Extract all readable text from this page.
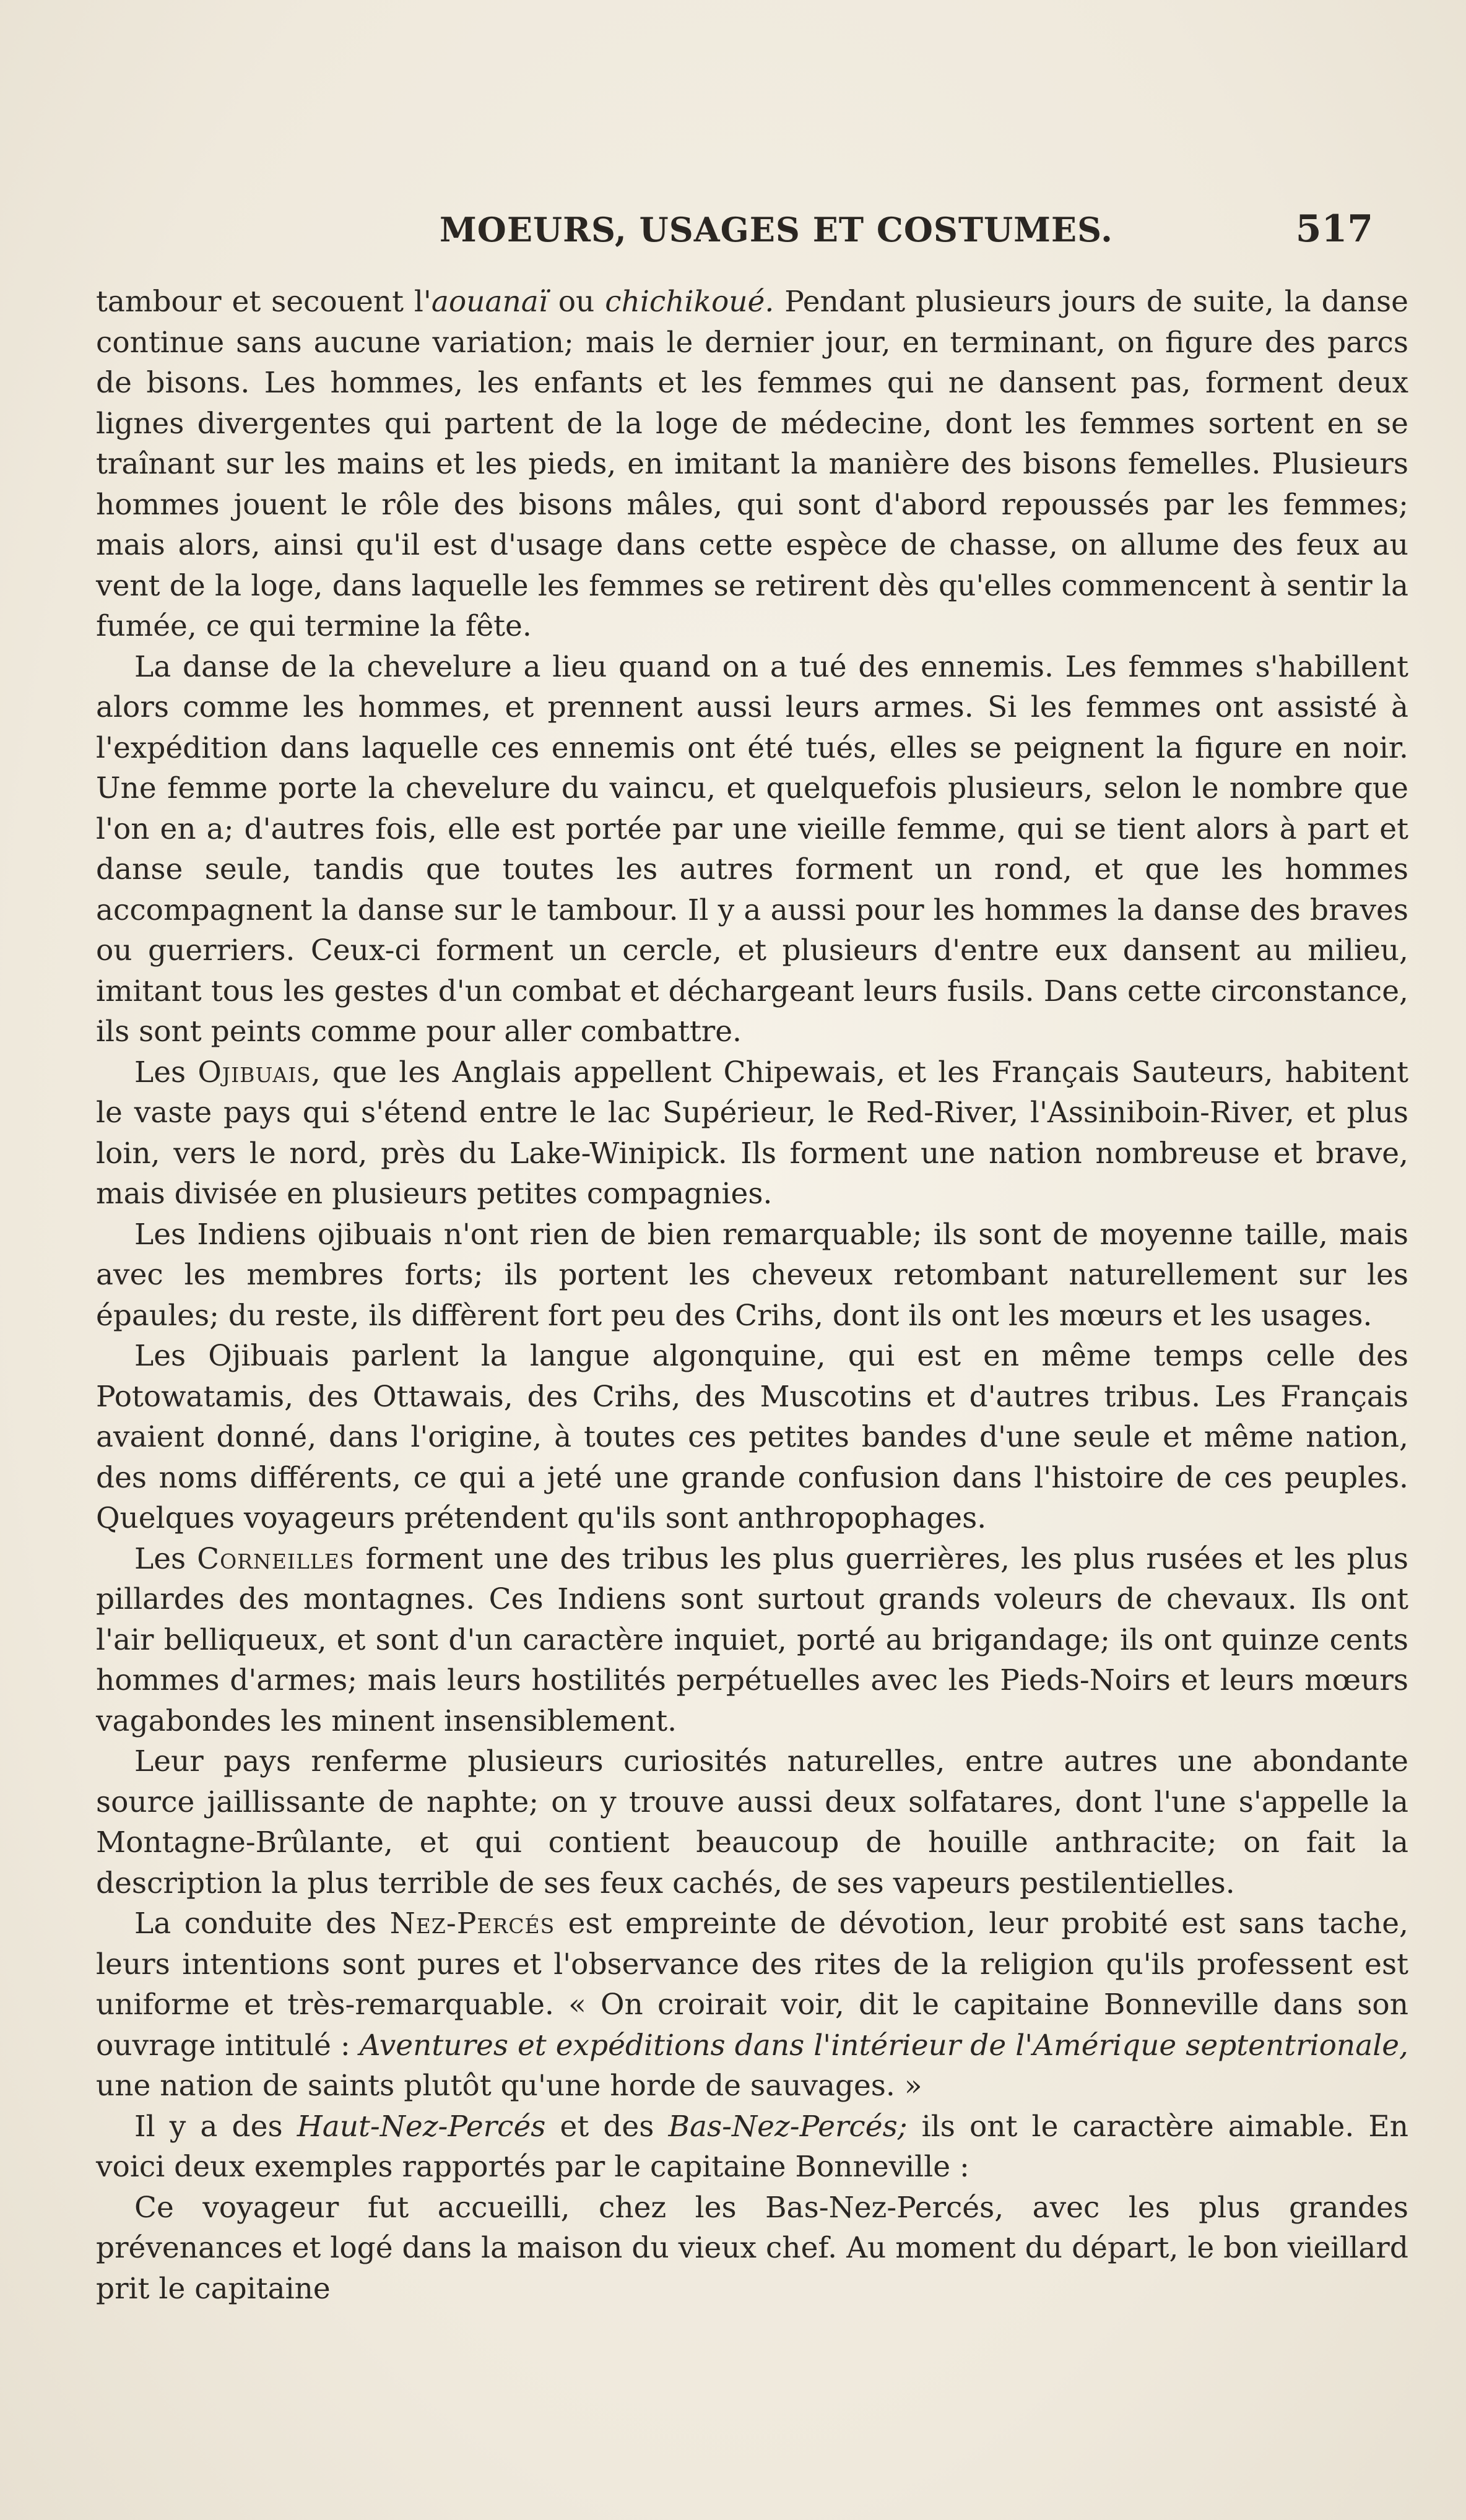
MOEURS, USAGES ET COSTUMES.	517

tambour et secouent l'aouanaï ou chichikoué. Pendant plusieurs jours de suite, la danse continue sans aucune variation; mais le dernier jour, en terminant, on figure des parcs de bisons. Les hommes, les enfants et les femmes qui ne dansent pas, forment deux lignes divergentes qui partent de la loge de médecine, dont les femmes sortent en se traînant sur les mains et les pieds, en imitant la manière des bisons femelles. Plusieurs hommes jouent le rôle des bisons mâles, qui sont d'abord repoussés par les femmes; mais alors, ainsi qu'il est d'usage dans cette espèce de chasse, on allume des feux au vent de la loge, dans laquelle les femmes se retirent dès qu'elles commencent à sentir la fumée, ce qui termine la fête.

La danse de la chevelure a lieu quand on a tué des ennemis. Les femmes s'habillent alors comme les hommes, et prennent aussi leurs armes. Si les femmes ont assisté à l'expédition dans laquelle ces ennemis ont été tués, elles se peignent la figure en noir. Une femme porte la chevelure du vaincu, et quelquefois plusieurs, selon le nombre que l'on en a; d'autres fois, elle est portée par une vieille femme, qui se tient alors à part et danse seule, tandis que toutes les autres forment un rond, et que les hommes accompagnent la danse sur le tambour. Il y a aussi pour les hommes la danse des braves ou guerriers. Ceux-ci forment un cercle, et plusieurs d'entre eux dansent au milieu, imitant tous les gestes d'un combat et déchargeant leurs fusils. Dans cette circonstance, ils sont peints comme pour aller combattre.

Les Ojibuais, que les Anglais appellent Chipewais, et les Français Sauteurs, habitent le vaste pays qui s'étend entre le lac Supérieur, le Red-River, l'Assiniboin-River, et plus loin, vers le nord, près du Lake-Winipick. Ils forment une nation nombreuse et brave, mais divisée en plusieurs petites compagnies.

Les Indiens ojibuais n'ont rien de bien remarquable; ils sont de moyenne taille, mais avec les membres forts; ils portent les cheveux retombant naturellement sur les épaules; du reste, ils diffèrent fort peu des Crihs, dont ils ont les mœurs et les usages.

Les Ojibuais parlent la langue algonquine, qui est en même temps celle des Potowatamis, des Ottawais, des Crihs, des Muscotins et d'autres tribus. Les Français avaient donné, dans l'origine, à toutes ces petites bandes d'une seule et même nation, des noms différents, ce qui a jeté une grande confusion dans l'histoire de ces peuples. Quelques voyageurs prétendent qu'ils sont anthropophages.

Les Corneilles forment une des tribus les plus guerrières, les plus rusées et les plus pillardes des montagnes. Ces Indiens sont surtout grands voleurs de chevaux. Ils ont l'air belliqueux, et sont d'un caractère inquiet, porté au brigandage; ils ont quinze cents hommes d'armes; mais leurs hostilités perpétuelles avec les Pieds-Noirs et leurs mœurs vagabondes les minent insensiblement.

Leur pays renferme plusieurs curiosités naturelles, entre autres une abondante source jaillissante de naphte; on y trouve aussi deux solfatares, dont l'une s'appelle la Montagne-Brûlante, et qui contient beaucoup de houille anthracite; on fait la description la plus terrible de ses feux cachés, de ses vapeurs pestilentielles.

La conduite des Nez-Percés est empreinte de dévotion, leur probité est sans tache, leurs intentions sont pures et l'observance des rites de la religion qu'ils professent est uniforme et très-remarquable. « On croirait voir, dit le capitaine Bonneville dans son ouvrage intitulé : Aventures et expéditions dans l'intérieur de l'Amérique septentrionale, une nation de saints plutôt qu'une horde de sauvages. »

Il y a des Haut-Nez-Percés et des Bas-Nez-Percés; ils ont le caractère aimable. En voici deux exemples rapportés par le capitaine Bonneville :

Ce voyageur fut accueilli, chez les Bas-Nez-Percés, avec les plus grandes prévenances et logé dans la maison du vieux chef. Au moment du départ, le bon vieillard prit le capitaine
